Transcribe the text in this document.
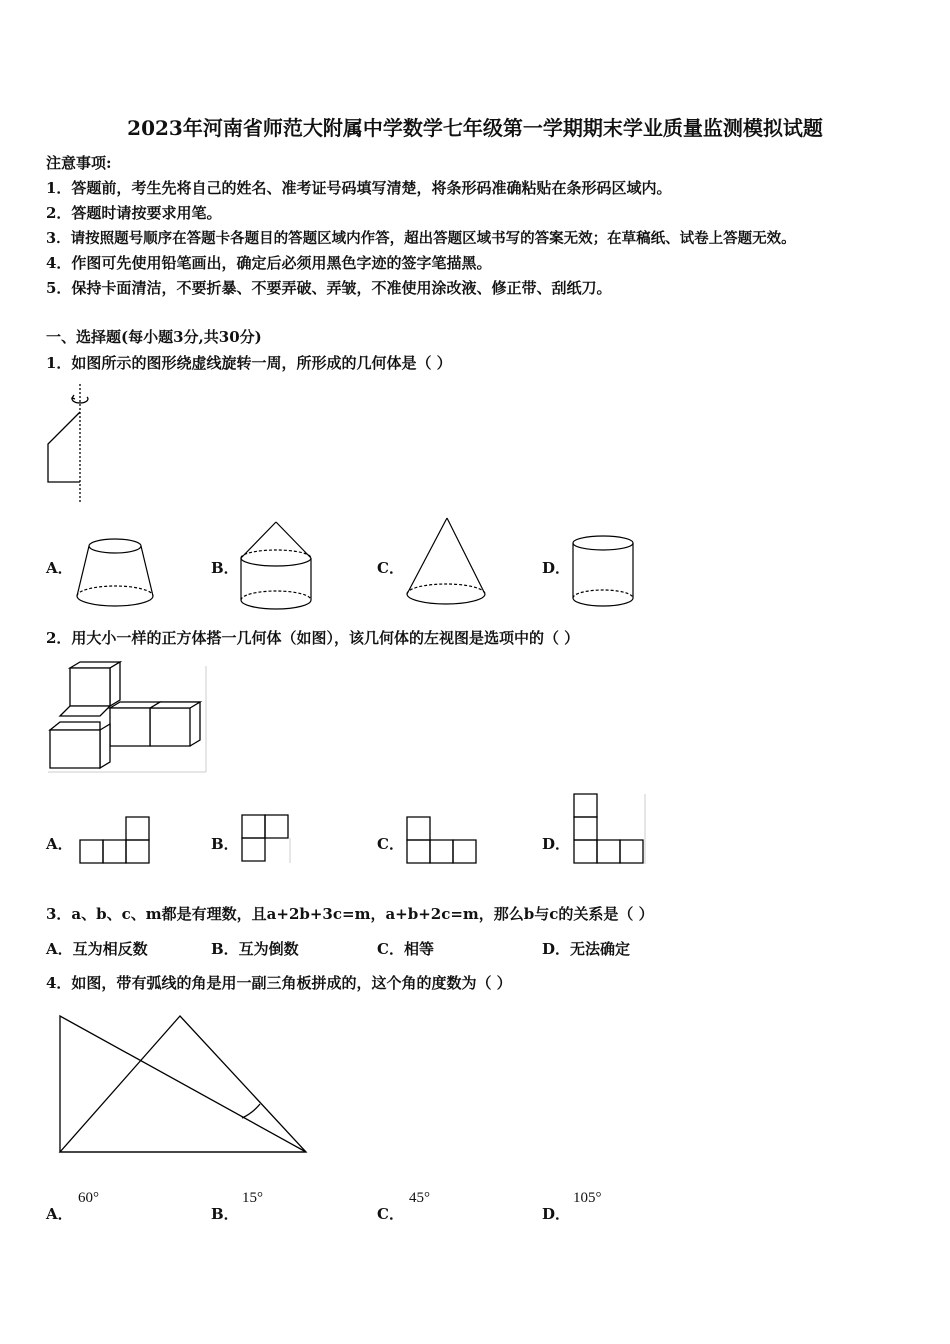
2023年河南省师范大附属中学数学七年级第一学期期末学业质量监测模拟试题
注意事项:
1．答题前，考生先将自己的姓名、准考证号码填写清楚，将条形码准确粘贴在条形码区域内。
2．答题时请按要求用笔。
3．请按照题号顺序在答题卡各题目的答题区域内作答，超出答题区域书写的答案无效；在草稿纸、试卷上答题无效。
4．作图可先使用铅笔画出，确定后必须用黑色字迹的签字笔描黑。
5．保持卡面清洁，不要折暴、不要弄破、弄皱，不准使用涂改液、修正带、刮纸刀。
一、选择题(每小题3分,共30分)
1．如图所示的图形绕虚线旋转一周，所形成的几何体是（ ）
A．	B．	C．	D．
2．用大小一样的正方体搭一几何体（如图），该几何体的左视图是选项中的（ ）
A．	B．	C．	D．
3．a、b、c、m都是有理数，且a+2b+3c=m，a+b+2c=m，那么b与c的关系是（ ）
A．互为相反数	B．互为倒数	C．相等	D．无法确定
4．如图，带有弧线的角是用一副三角板拼成的，这个角的度数为（ ）
A．
60°
B．
15°
C．
45°
D．
105°
